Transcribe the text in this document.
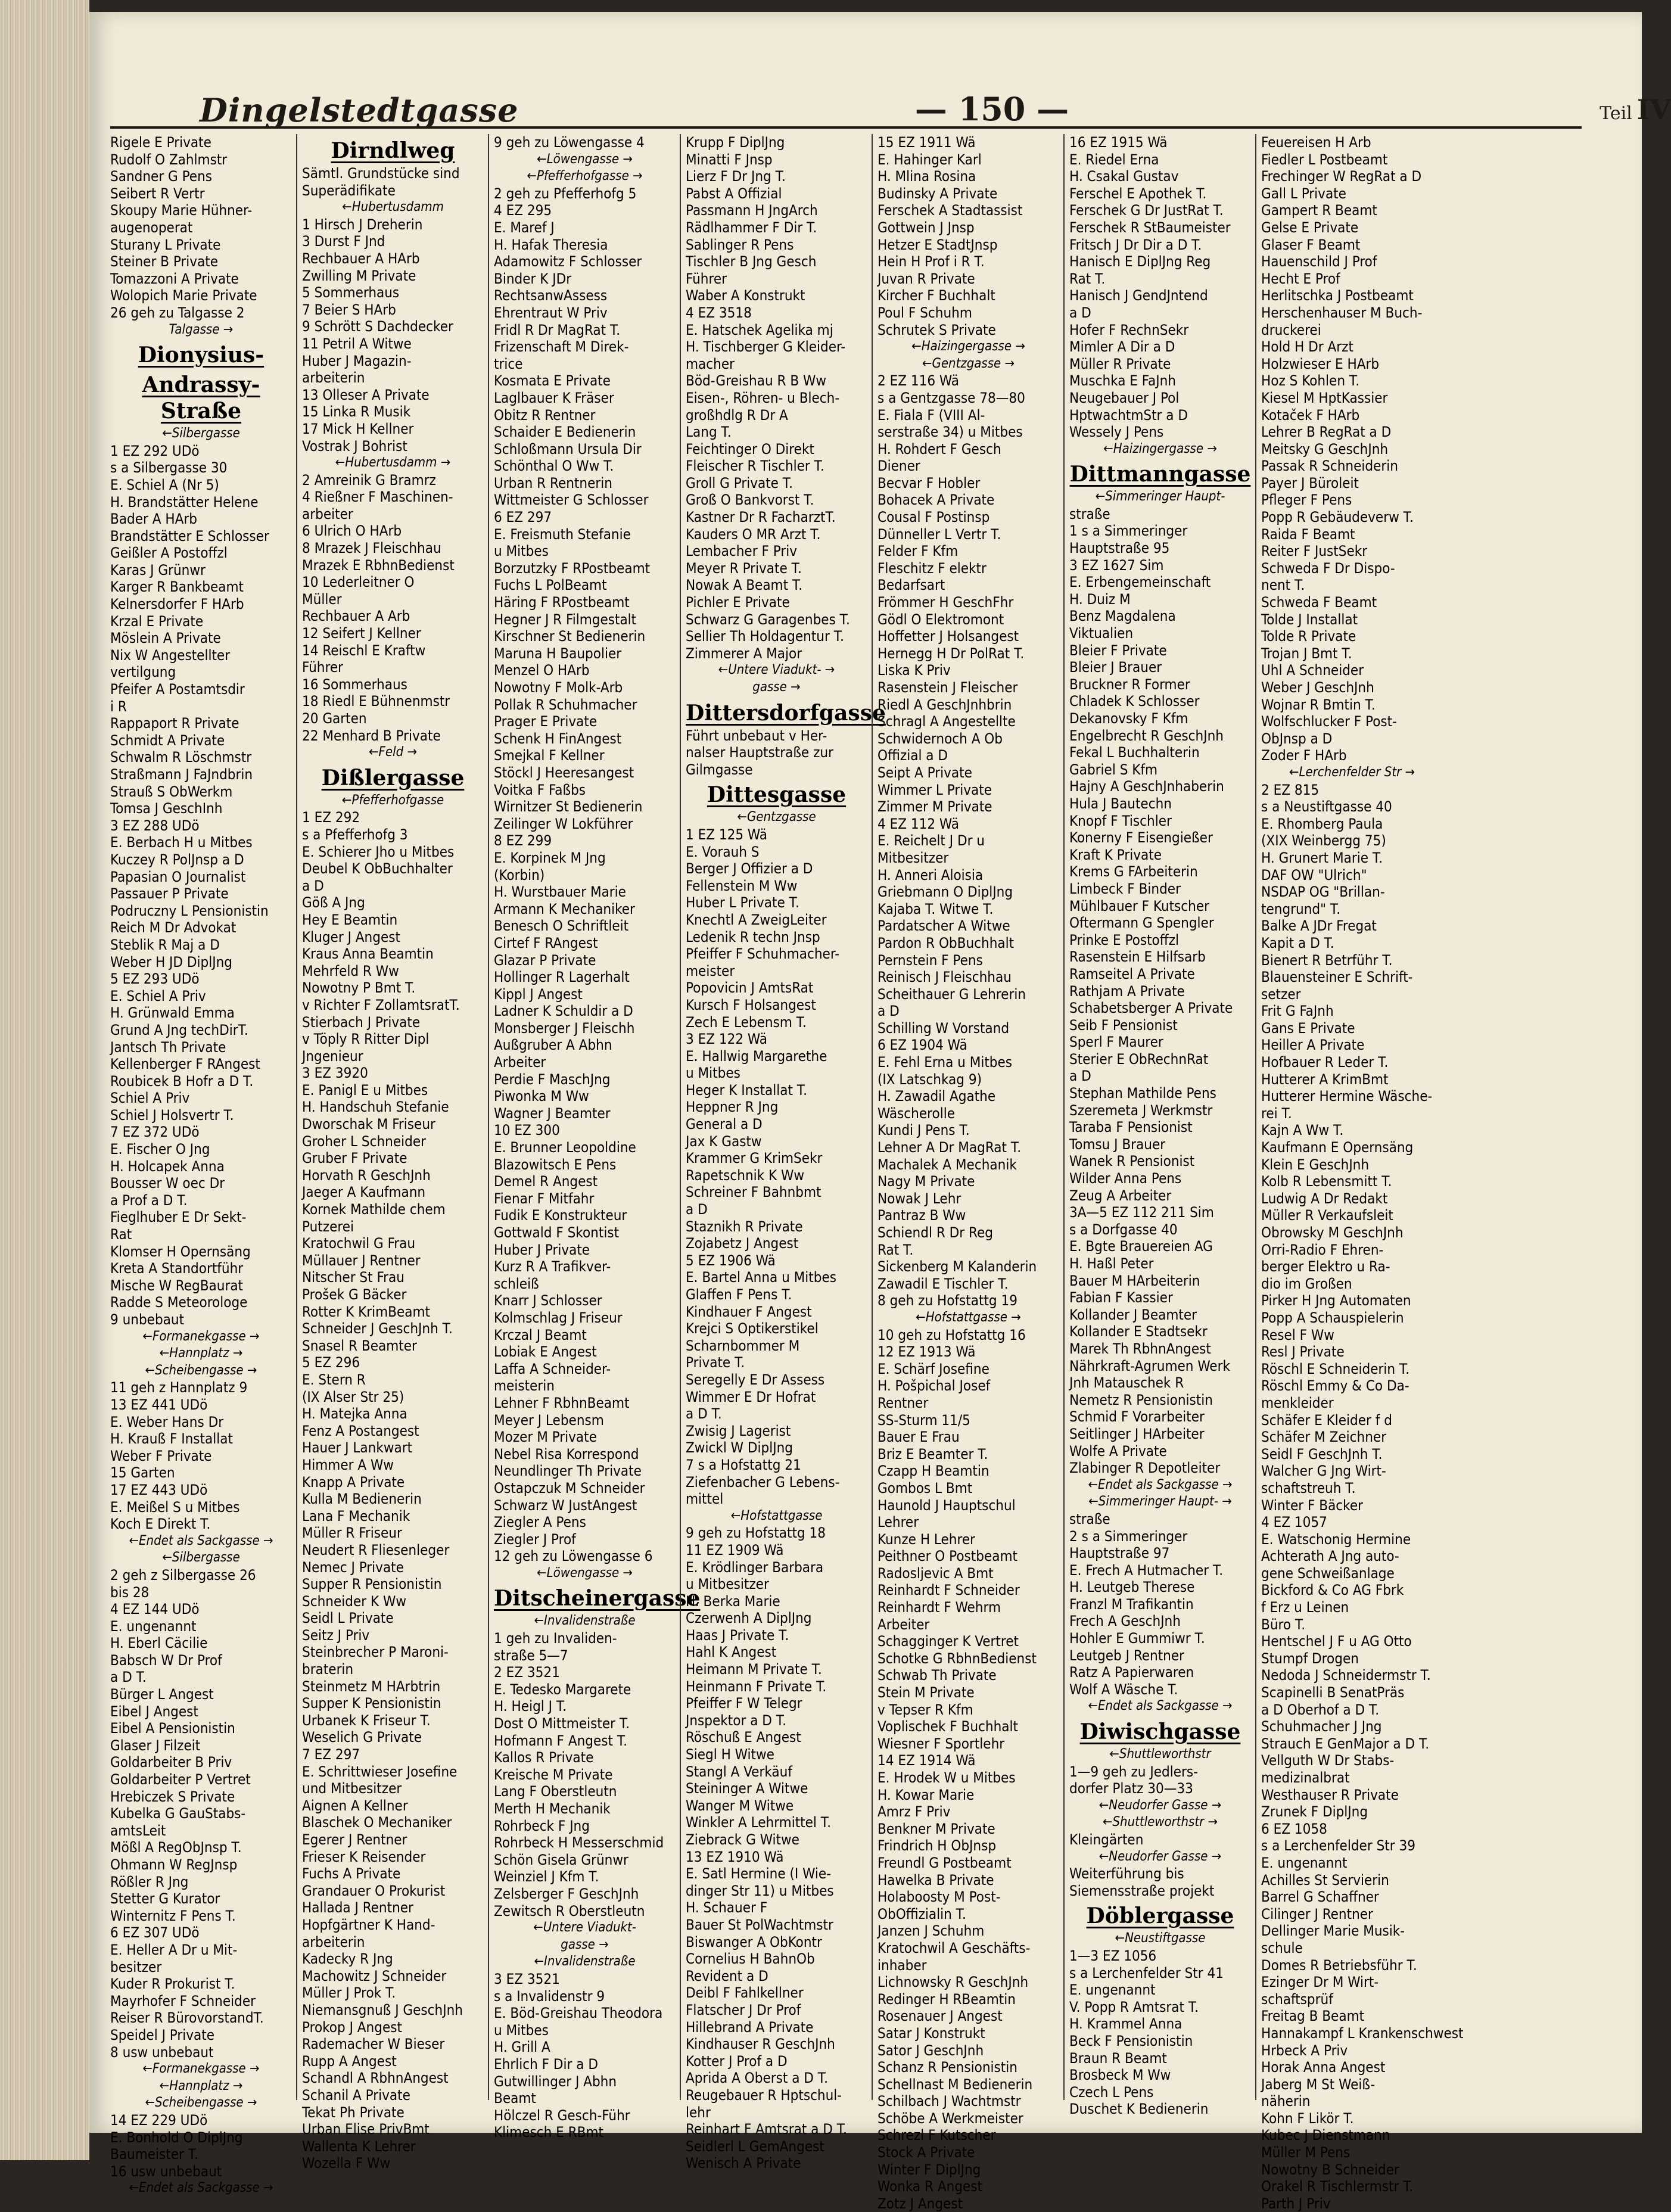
Dingelstedtgasse	— 150 —	Teil IV
Rigele E Private
Rudolf O Zahlmstr
Sandner G Pens
Seibert R Vertr
Skoupy Marie Hühner-
augenoperat
Sturany L Private
Steiner B Private
Tomazzoni A Private
Wolopich Marie Private
26 geh zu Talgasse 2
Talgasse →
Dionysius-
Andrassy-Straße
← Silbergasse
1 EZ 292 UDö
s a Silbergasse 30
E. Schiel A (Nr 5)
H. Brandstätter Helene
Bader A HArb
Brandstätter E Schlosser
Geißler A Postoffzl
Karas J Grünwr
Karger R Bankbeamt
Kelnersdorfer F HArb
Krzal E Private
Möslein A Private
Nix W Angestellter
vertilgung
Pfeifer A Postamtsdir
i R
Rappaport R Private
Schmidt A Private
Schwalm R Löschmstr
Straßmann J FaJndbrin
Strauß S ObWerkm
Tomsa J GeschInh
3 EZ 288 UDö
E. Berbach H u Mitbes
Kuczey R PolJnsp a D
Papasian O Journalist
Passauer P Private
Podruczny L Pensionistin
Reich M Dr Advokat
Steblik R Maj a D
Weber H JD DiplJng
5 EZ 293 UDö
E. Schiel A Priv
H. Grünwald Emma
Grund A Jng techDirT.
Jantsch Th Private
Kellenberger F RAngest
Roubicek B Hofr a D T.
Schiel A Priv
Schiel J Holsvertr T.
7 EZ 372 UDö
E. Fischer O Jng
H. Holcapek Anna
Bousser W oec Dr
a Prof a D T.
Fieglhuber E Dr Sekt-
Rat
Klomser H Opernsäng
Kreta A Standortführ
Mische W RegBaurat
Radde S Meteorologe
9 unbebaut
← Formanekgasse →
← Hannplatz →
← Scheibengasse →
11 geh z Hannplatz 9
13 EZ 441 UDö
E. Weber Hans Dr
H. Krauß F Installat
Weber F Private
15 Garten
17 EZ 443 UDö
E. Meißel S u Mitbes
Koch E Direkt T.
← Endet als Sackgasse →
← Silbergasse
2 geh z Silbergasse 26
bis 28
4 EZ 144 UDö
E. ungenannt
H. Eberl Cäcilie
Babsch W Dr Prof
a D T.
Bürger L Angest
Eibel J Angest
Eibel A Pensionistin
Glaser J Filzeit
Goldarbeiter B Priv
Goldarbeiter P Vertret
Hrebiczek S Private
Kubelka G GauStabs-
amtsLeit
Mößl A RegObJnsp T.
Ohmann W RegJnsp
Rößler R Jng
Stetter G Kurator
Winternitz F Pens T.
6 EZ 307 UDö
E. Heller A Dr u Mit-
besitzer
Kuder R Prokurist T.
Mayrhofer F Schneider
Reiser R BürovorstandT.
Speidel J Private
8 usw unbebaut
← Formanekgasse →
← Hannplatz →
← Scheibengasse →
14 EZ 229 UDö
E. Bonhold O DiplJng
Baumeister T.
16 usw unbebaut
← Endet als Sackgasse →
Dirndlweg
Sämtl. Grundstücke sind
Superädifikate
← Hubertusdamm
1 Hirsch J Dreherin
3 Durst F Jnd
Rechbauer A HArb
Zwilling M Private
5 Sommerhaus
7 Beier S HArb
9 Schrött S Dachdecker
11 Petril A Witwe
Huber J Magazin-
arbeiterin
13 Olleser A Private
15 Linka R Musik
17 Mick H Kellner
Vostrak J Bohrist
← Hubertusdamm →
2 Amreinik G Bramrz
4 Rießner F Maschinen-
arbeiter
6 Ulrich O HArb
8 Mrazek J Fleischhau
Mrazek E RbhnBedienst
10 Lederleitner O
Müller
Rechbauer A Arb
12 Seifert J Kellner
14 Reischl E Kraftw
Führer
16 Sommerhaus
18 Riedl E Bühnenmstr
20 Garten
22 Menhard B Private
← Feld →
Dißlergasse
← Pfefferhofgasse
1 EZ 292
s a Pfefferhofg 3
E. Schierer Jho u Mitbes
Deubel K ObBuchhalter
a D
Göß A Jng
Hey E Beamtin
Kluger J Angest
Kraus Anna Beamtin
Mehrfeld R Ww
Nowotny P Bmt T.
v Richter F ZollamtsratT.
Stierbach J Private
v Töply R Ritter Dipl
Jngenieur
3 EZ 3920
E. Panigl E u Mitbes
H. Handschuh Stefanie
Dworschak M Friseur
Groher L Schneider
Gruber F Private
Horvath R GeschJnh
Jaeger A Kaufmann
Kornek Mathilde chem
Putzerei
Kratochwil G Frau
Müllauer J Rentner
Nitscher St Frau
Prošek G Bäcker
Rotter K KrimBeamt
Schneider J GeschJnh T.
Snasel R Beamter
5 EZ 296
E. Stern R
(IX Alser Str 25)
H. Matejka Anna
Fenz A Postangest
Hauer J Lankwart
Himmer A Ww
Knapp A Private
Kulla M Bedienerin
Lana F Mechanik
Müller R Friseur
Neudert R Fliesenleger
Nemec J Private
Supper R Pensionistin
Schneider K Ww
Seidl L Private
Seitz J Priv
Steinbrecher P Maroni-
braterin
Steinmetz M HArbtrin
Supper K Pensionistin
Urbanek K Friseur T.
Weselich G Private
7 EZ 297
E. Schrittwieser Josefine
und Mitbesitzer
Aignen A Kellner
Blaschek O Mechaniker
Egerer J Rentner
Frieser K Reisender
Fuchs A Private
Grandauer O Prokurist
Hallada J Rentner
Hopfgärtner K Hand-
arbeiterin
Kadecky R Jng
Machowitz J Schneider
Müller J Prok T.
Niemansgnuß J GeschJnh
Prokop J Angest
Rademacher W Bieser
Rupp A Angest
Schandl A RbhnAngest
Schanil A Private
Tekat Ph Private
Urban Elise PrivBmt
Wallenta K Lehrer
Wozella F Ww
9 geh zu Löwengasse 4
← Löwengasse →
← Pfefferhofgasse →
2 geh zu Pfefferhofg 5
4 EZ 295
E. Maref J
H. Hafak Theresia
Adamowitz F Schlosser
Binder K JDr
RechtsanwAssess
Ehrentraut W Priv
Fridl R Dr MagRat T.
Frizenschaft M Direk-
trice
Kosmata E Private
Laglbauer K Fräser
Obitz R Rentner
Schaider E Bedienerin
Schloßmann Ursula Dir
Schönthal O Ww T.
Urban R Rentnerin
Wittmeister G Schlosser
6 EZ 297
E. Freismuth Stefanie
u Mitbes
Borzutzky F RPostbeamt
Fuchs L PolBeamt
Häring F RPostbeamt
Hegner J R Filmgestalt
Kirschner St Bedienerin
Maruna H Baupolier
Menzel O HArb
Nowotny F Molk-Arb
Pollak R Schuhmacher
Prager E Private
Schenk H FinAngest
Smejkal F Kellner
Stöckl J Heeresangest
Voitka F Faßbs
Wirnitzer St Bedienerin
Zeilinger W Lokführer
8 EZ 299
E. Korpinek M Jng
(Korbin)
H. Wurstbauer Marie
Armann K Mechaniker
Benesch O Schriftleit
Cirtef F RAngest
Glazar P Private
Hollinger R Lagerhalt
Kippl J Angest
Ladner K Schuldir a D
Monsberger J Fleischh
Außgruber A Abhn
Arbeiter
Perdie F MaschJng
Piwonka M Ww
Wagner J Beamter
10 EZ 300
E. Brunner Leopoldine
Blazowitsch E Pens
Demel R Angest
Fienar F Mitfahr
Fudik E Konstrukteur
Gottwald F Skontist
Huber J Private
Kurz R A Trafikver-
schleiß
Knarr J Schlosser
Kolmschlag J Friseur
Krczal J Beamt
Lobiak E Angest
Laffa A Schneider-
meisterin
Lehner F RbhnBeamt
Meyer J Lebensm
Mozer M Private
Nebel Risa Korrespond
Neundlinger Th Private
Ostapczuk M Schneider
Schwarz W JustAngest
Ziegler A Pens
Ziegler J Prof
12 geh zu Löwengasse 6
← Löwengasse →
Ditscheinergasse
← Invalidenstraße
1 geh zu Invaliden-
straße 5—7
2 EZ 3521
E. Tedesko Margarete
H. Heigl J T.
Dost O Mittmeister T.
Hofmann F Angest T.
Kallos R Private
Kreische M Private
Lang F Oberstleutn
Merth H Mechanik
Rohrbeck F Jng
Rohrbeck H Messerschmid
Schön Gisela Grünwr
Weinziel J Kfm T.
Zelsberger F GeschJnh
Zewitsch R Oberstleutn
← Untere Viadukt-
gasse →
← Invalidenstraße
3 EZ 3521
s a Invalidenstr 9
E. Böd-Greishau Theodora
u Mitbes
H. Grill A
Ehrlich F Dir a D
Gutwillinger J Abhn
Beamt
Hölczel R Gesch-Führ
Klimesch E RBmt
Krupp F DiplJng
Minatti F Jnsp
Lierz F Dr Jng T.
Pabst A Offizial
Passmann H JngArch
Rädlhammer F Dir T.
Sablinger R Pens
Tischler B Jng Gesch
Führer
Waber A Konstrukt
4 EZ 3518
E. Hatschek Agelika mj
H. Tischberger G Kleider-
macher
Böd-Greishau R B Ww
Eisen-, Röhren- u Blech-
großhdlg R Dr A
Lang T.
Feichtinger O Direkt
Fleischer R Tischler T.
Groll G Private T.
Groß O Bankvorst T.
Kastner Dr R FacharztT.
Kauders O MR Arzt T.
Lembacher F Priv
Meyer R Private T.
Nowak A Beamt T.
Pichler E Private
Schwarz G Garagenbes T.
Sellier Th Holdagentur T.
Zimmerer A Major
← Untere Viadukt- →
gasse →
Dittersdorfgasse
Führt unbebaut v Her-
nalser Hauptstraße zur
Gilmgasse
Dittesgasse
← Gentzgasse
1 EZ 125 Wä
E. Vorauh S
Berger J Offizier a D
Fellenstein M Ww
Huber L Private T.
Knechtl A ZweigLeiter
Ledenik R techn Jnsp
Pfeiffer F Schuhmacher-
meister
Popovicin J AmtsRat
Kursch F Holsangest
Zech E Lebensm T.
3 EZ 122 Wä
E. Hallwig Margarethe
u Mitbes
Heger K Installat T.
Heppner R Jng
General a D
Jax K Gastw
Krammer G KrimSekr
Rapetschnik K Ww
Schreiner F Bahnbmt
a D
Staznikh R Private
Zojabetz J Angest
5 EZ 1906 Wä
E. Bartel Anna u Mitbes
Glaffen F Pens T.
Kindhauer F Angest
Krejci S Optikerstikel
Scharnbommer M
Private T.
Seregelly E Dr Assess
Wimmer E Dr Hofrat
a D T.
Zwisig J Lagerist
Zwickl W DiplJng
7 s a Hofstattg 21
Ziefenbacher G Lebens-
mittel
← Hofstattgasse
9 geh zu Hofstattg 18
11 EZ 1909 Wä
E. Krödlinger Barbara
u Mitbesitzer
H. Berka Marie
Czerwenh A DiplJng
Haas J Private T.
Hahl K Angest
Heimann M Private T.
Heinmann F Private T.
Pfeiffer F W Telegr
Jnspektor a D T.
Röschuß E Angest
Siegl H Witwe
Stangl A Verkäuf
Steininger A Witwe
Wanger M Witwe
Winkler A Lehrmittel T.
Ziebrack G Witwe
13 EZ 1910 Wä
E. Satl Hermine (I Wie-
dinger Str 11) u Mitbes
H. Schauer F
Bauer St PolWachtmstr
Biswanger A ObKontr
Cornelius H BahnOb
Revident a D
Deibl F Fahlkellner
Flatscher J Dr Prof
Hillebrand A Private
Kindhauser R GeschJnh
Kotter J Prof a D
Aprida A Oberst a D T.
Reugebauer R Hptschul-
lehr
Reinhart F Amtsrat a D T.
Seidlerl L GemAngest
Wenisch A Private
15 EZ 1911 Wä
E. Hahinger Karl
H. Mlina Rosina
Budinsky A Private
Ferschek A Stadtassist
Gottwein J Jnsp
Hetzer E StadtJnsp
Hein H Prof i R T.
Juvan R Private
Kircher F Buchhalt
Poul F Schuhm
Schrutek S Private
← Haizingergasse →
← Gentzgasse →
2 EZ 116 Wä
s a Gentzgasse 78—80
E. Fiala F (VIII Al-
serstraße 34) u Mitbes
H. Rohdert F Gesch
Diener
Becvar F Hobler
Bohacek A Private
Cousal F Postinsp
Dünneller L Vertr T.
Felder F Kfm
Fleschitz F elektr
Bedarfsart
Frömmer H GeschFhr
Gödl O Elektromont
Hoffetter J Holsangest
Hernegg H Dr PolRat T.
Liska K Priv
Rasenstein J Fleischer
Riedl A GeschJnhbrin
Schragl A Angestellte
Schwidernoch A Ob
Offizial a D
Seipt A Private
Wimmer L Private
Zimmer M Private
4 EZ 112 Wä
E. Reichelt J Dr u
Mitbesitzer
H. Anneri Aloisia
Griebmann O DiplJng
Kajaba T. Witwe T.
Pardatscher A Witwe
Pardon R ObBuchhalt
Pernstein F Pens
Reinisch J Fleischhau
Scheithauer G Lehrerin
a D
Schilling W Vorstand
6 EZ 1904 Wä
E. Fehl Erna u Mitbes
(IX Latschkag 9)
H. Zawadil Agathe
Wäscherolle
Kundi J Pens T.
Lehner A Dr MagRat T.
Machalek A Mechanik
Nagy M Private
Nowak J Lehr
Pantraz B Ww
Schiendl R Dr Reg
Rat T.
Sickenberg M Kalanderin
Zawadil E Tischler T.
8 geh zu Hofstattg 19
← Hofstattgasse →
10 geh zu Hofstattg 16
12 EZ 1913 Wä
E. Schärf Josefine
H. Pošpichal Josef
Rentner
SS-Sturm 11/5
Bauer E Frau
Briz E Beamter T.
Czapp H Beamtin
Gombos L Bmt
Haunold J Hauptschul
Lehrer
Kunze H Lehrer
Peithner O Postbeamt
Radosljevic A Bmt
Reinhardt F Schneider
Reinhardt F Wehrm
Arbeiter
Schagginger K Vertret
Schotke G RbhnBedienst
Schwab Th Private
Stein M Private
v Tepser R Kfm
Voplischek F Buchhalt
Wiesner F Sportlehr
14 EZ 1914 Wä
E. Hrodek W u Mitbes
H. Kowar Marie
Amrz F Priv
Benkner M Private
Frindrich H ObJnsp
Freundl G Postbeamt
Hawelka B Private
Holaboosty M Post-
ObOffizialin T.
Janzen J Schuhm
Kratochwil A Geschäfts-
inhaber
Lichnowsky R GeschJnh
Redinger H RBeamtin
Rosenauer J Angest
Satar J Konstrukt
Sator J GeschJnh
Schanz R Pensionistin
Schellnast M Bedienerin
Schilbach J Wachtmstr
Schöbe A Werkmeister
Schrezl F Kutscher
Stock A Private
Winter F DiplJng
Wonka R Angest
Zotz J Angest
16 EZ 1915 Wä
E. Riedel Erna
H. Csakal Gustav
Ferschel E Apothek T.
Ferschek G Dr JustRat T.
Ferschek R StBaumeister
Fritsch J Dr Dir a D T.
Hanisch E DiplJng Reg
Rat T.
Hanisch J GendJntend
a D
Hofer F RechnSekr
Mimler A Dir a D
Müller R Private
Muschka E FaJnh
Neugebauer J Pol
HptwachtmStr a D
Wessely J Pens
← Haizingergasse →
Dittmanngasse
← Simmeringer Haupt-
straße
1 s a Simmeringer
Hauptstraße 95
3 EZ 1627 Sim
E. Erbengemeinschaft
H. Duiz M
Benz Magdalena
Viktualien
Bleier F Private
Bleier J Brauer
Bruckner R Former
Chladek K Schlosser
Dekanovsky F Kfm
Engelbrecht R GeschJnh
Fekal L Buchhalterin
Gabriel S Kfm
Hajny A GeschJnhaberin
Hula J Bautechn
Knopf F Tischler
Konerny F Eisengießer
Kraft K Private
Krems G FArbeiterin
Limbeck F Binder
Mühlbauer F Kutscher
Oftermann G Spengler
Prinke E Postoffzl
Rasenstein E Hilfsarb
Ramseitel A Private
Rathjam A Private
Schabetsberger A Private
Seib F Pensionist
Sperl F Maurer
Sterier E ObRechnRat
a D
Stephan Mathilde Pens
Szeremeta J Werkmstr
Taraba F Pensionist
Tomsu J Brauer
Wanek R Pensionist
Wilder Anna Pens
Zeug A Arbeiter
3A—5 EZ 112 211 Sim
s a Dorfgasse 40
E. Bgte Brauereien AG
H. Haßl Peter
Bauer M HArbeiterin
Fabian F Kassier
Kollander J Beamter
Kollander E Stadtsekr
Marek Th RbhnAngest
Nährkraft-Agrumen Werk
Jnh Matauschek R
Nemetz R Pensionistin
Schmid F Vorarbeiter
Seitlinger J HArbeiter
Wolfe A Private
Zlabinger R Depotleiter
← Endet als Sackgasse →
← Simmeringer Haupt- →
straße
2 s a Simmeringer
Hauptstraße 97
E. Frech A Hutmacher T.
H. Leutgeb Therese
Franzl M Trafikantin
Frech A GeschJnh
Hohler E Gummiwr T.
Leutgeb J Rentner
Ratz A Papierwaren
Wolf A Wäsche T.
← Endet als Sackgasse →
Diwischgasse
← Shuttleworthstr
1—9 geh zu Jedlers-
dorfer Platz 30—33
← Neudorfer Gasse →
← Shuttleworthstr →
Kleingärten
← Neudorfer Gasse →
Weiterführung bis
Siemensstraße projekt
Döblergasse
← Neustiftgasse
1—3 EZ 1056
s a Lerchenfelder Str 41
E. ungenannt
V. Popp R Amtsrat T.
H. Krammel Anna
Beck F Pensionistin
Braun R Beamt
Brosbeck M Ww
Czech L Pens
Duschet K Bedienerin
Feuereisen H Arb
Fiedler L Postbeamt
Frechinger W RegRat a D
Gall L Private
Gampert R Beamt
Gelse E Private
Glaser F Beamt
Hauenschild J Prof
Hecht E Prof
Herlitschka J Postbeamt
Herschenhauser M Buch-
druckerei
Hold H Dr Arzt
Holzwieser E HArb
Hoz S Kohlen T.
Kiesel M HptKassier
Kotaček F HArb
Lehrer B RegRat a D
Meitsky G GeschJnh
Passak R Schneiderin
Payer J Büroleit
Pfleger F Pens
Popp R Gebäudeverw T.
Raida F Beamt
Reiter F JustSekr
Schweda F Dr Dispo-
nent T.
Schweda F Beamt
Tolde J Installat
Tolde R Private
Trojan J Bmt T.
Uhl A Schneider
Weber J GeschJnh
Wojnar R Bmtin T.
Wolfschlucker F Post-
ObJnsp a D
Zoder F HArb
← Lerchenfelder Str →
2 EZ 815
s a Neustiftgasse 40
E. Rhomberg Paula
(XIX Weinbergg 75)
H. Grunert Marie T.
DAF OW "Ulrich"
NSDAP OG "Brillan-
tengrund" T.
Balke A JDr Fregat
Kapit a D T.
Bienert R Betrführ T.
Blauensteiner E Schrift-
setzer
Frit G FaJnh
Gans E Private
Heiller A Private
Hofbauer R Leder T.
Hutterer A KrimBmt
Hutterer Hermine Wäsche-
rei T.
Kajn A Ww T.
Kaufmann E Opernsäng
Klein E GeschJnh
Kolb R Lebensmitt T.
Ludwig A Dr Redakt
Müller R Verkaufsleit
Obrowsky M GeschJnh
Orri-Radio F Ehren-
berger Elektro u Ra-
dio im Großen
Pirker H Jng Automaten
Popp A Schauspielerin
Resel F Ww
Resl J Private
Röschl E Schneiderin T.
Röschl Emmy & Co Da-
menkleider
Schäfer E Kleider f d
Schäfer M Zeichner
Seidl F GeschJnh T.
Walcher G Jng Wirt-
schaftstreuh T.
Winter F Bäcker
4 EZ 1057
E. Watschonig Hermine
Achterath A Jng auto-
gene Schweißanlage
Bickford & Co AG Fbrk
f Erz u Leinen
Büro T.
Hentschel J F u AG Otto
Stumpf Drogen
Nedoda J Schneidermstr T.
Scapinelli B SenatPräs
a D Oberhof a D T.
Schuhmacher J Jng
Strauch E GenMajor a D T.
Vellguth W Dr Stabs-
medizinalbrat
Westhauser R Private
Zrunek F DiplJng
6 EZ 1058
s a Lerchenfelder Str 39
E. ungenannt
Achilles St Servierin
Barrel G Schaffner
Cilinger J Rentner
Dellinger Marie Musik-
schule
Domes R Betriebsführ T.
Ezinger Dr M Wirt-
schaftsprüf
Freitag B Beamt
Hannakampf L Krankenschwest
Hrbeck A Priv
Horak Anna Angest
Jaberg M St Weiß-
näherin
Kohn F Likör T.
Kubec J Dienstmann
Müller M Pens
Nowotny B Schneider
Orakel R Tischlermstr T.
Parth J Priv
